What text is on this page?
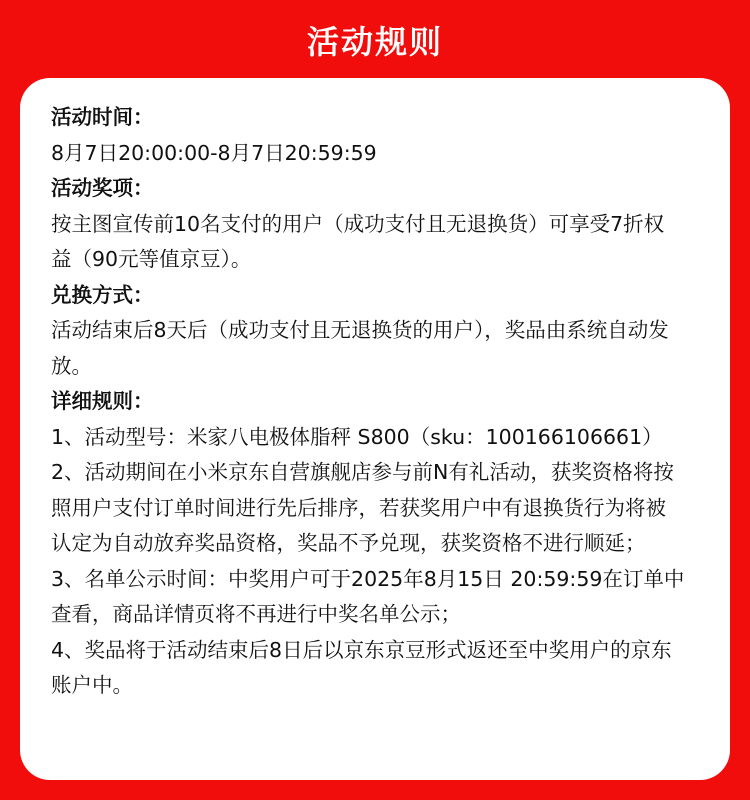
活动规则
活动时间：
8月7日20:00:00-8月7日20:59:59
活动奖项：
按主图宣传前10名支付的用户（成功支付且无退换货）可享受7折权
益（90元等值京豆）。
兑换方式：
活动结束后8天后（成功支付且无退换货的用户），奖品由系统自动发
放。
详细规则：
1、活动型号：米家八电极体脂秤 S800（sku：100166106661）
2、活动期间在小米京东自营旗舰店参与前N有礼活动，获奖资格将按
照用户支付订单时间进行先后排序，若获奖用户中有退换货行为将被
认定为自动放弃奖品资格，奖品不予兑现，获奖资格不进行顺延；
3、名单公示时间：中奖用户可于2025年8月15日 20:59:59在订单中
查看，商品详情页将不再进行中奖名单公示；
4、奖品将于活动结束后8日后以京东京豆形式返还至中奖用户的京东
账户中。
